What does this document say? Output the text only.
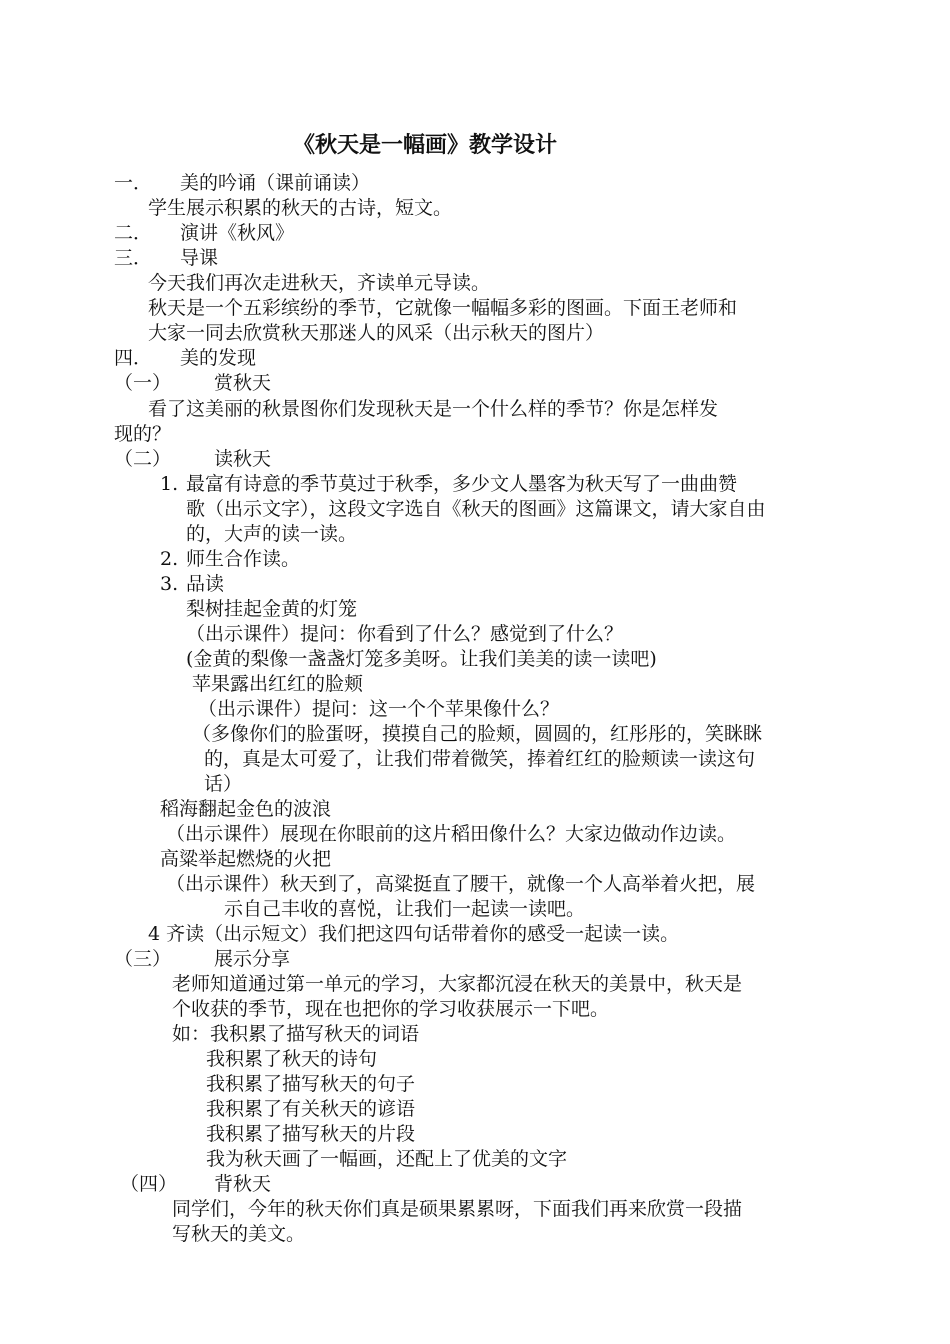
《秋天是一幅画》教学设计
一． 美的吟诵（课前诵读）
学生展示积累的秋天的古诗，短文。
二． 演讲《秋风》
三． 导课
今天我们再次走进秋天，齐读单元导读。
秋天是一个五彩缤纷的季节，它就像一幅幅多彩的图画。下面王老师和
大家一同去欣赏秋天那迷人的风采（出示秋天的图片）
四． 美的发现
（一） 赏秋天
看了这美丽的秋景图你们发现秋天是一个什么样的季节？你是怎样发
现的？
（二） 读秋天
1. 最富有诗意的季节莫过于秋季，多少文人墨客为秋天写了一曲曲赞
歌（出示文字），这段文字选自《秋天的图画》这篇课文，请大家自由
的，大声的读一读。
2. 师生合作读。
3. 品读
梨树挂起金黄的灯笼
（出示课件）提问：你看到了什么？感觉到了什么？
(金黄的梨像一盏盏灯笼多美呀。让我们美美的读一读吧)
苹果露出红红的脸颊
（出示课件）提问：这一个个苹果像什么？
（多像你们的脸蛋呀，摸摸自己的脸颊，圆圆的，红彤彤的，笑眯眯
的，真是太可爱了，让我们带着微笑，捧着红红的脸颊读一读这句
话）
稻海翻起金色的波浪
（出示课件）展现在你眼前的这片稻田像什么？大家边做动作边读。
高粱举起燃烧的火把
（出示课件）秋天到了，高粱挺直了腰干，就像一个人高举着火把，展
示自己丰收的喜悦，让我们一起读一读吧。
4 齐读（出示短文）我们把这四句话带着你的感受一起读一读。
（三） 展示分享
老师知道通过第一单元的学习，大家都沉浸在秋天的美景中，秋天是
个收获的季节，现在也把你的学习收获展示一下吧。
如：我积累了描写秋天的词语
我积累了秋天的诗句
我积累了描写秋天的句子
我积累了有关秋天的谚语
我积累了描写秋天的片段
我为秋天画了一幅画，还配上了优美的文字
（四） 背秋天
同学们，今年的秋天你们真是硕果累累呀，下面我们再来欣赏一段描
写秋天的美文。
